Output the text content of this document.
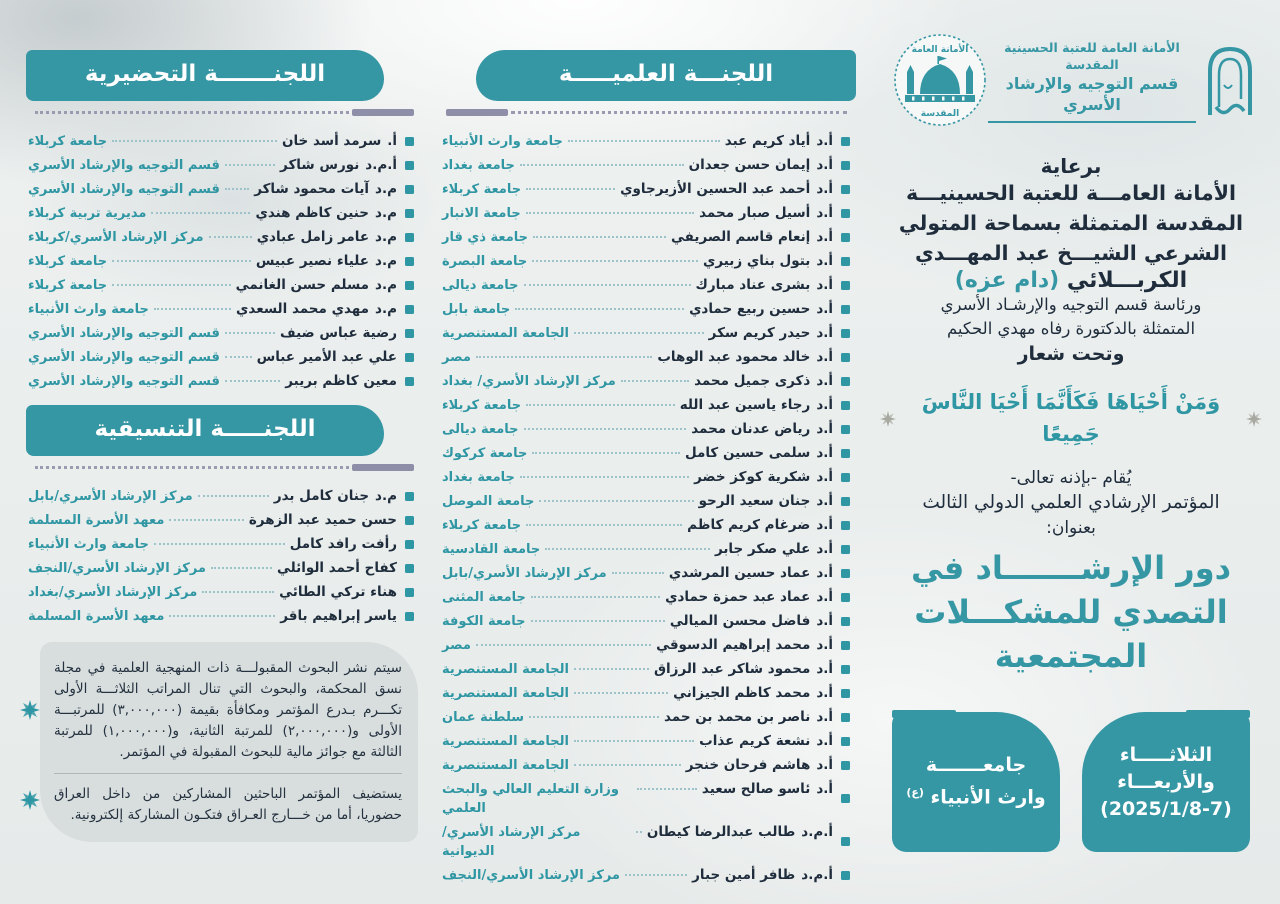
الأمانة العامة للعتبة الحسينية المقدسة
قسم التوجيه والإرشاد الأسري
الأمانة العامة
المقدسة
برعاية
الأمانة العامـــة للعتبة الحسينيـــة
المقدسة المتمثلة بسماحة المتولي
الشرعي الشيـــخ عبد المهـــدي
الكربـــلائي (دام عزه)
ورئاسة قسم التوجيه والإرشـاد الأسري
المتمثلة بالدكتورة رفاه مهدي الحكيم
وتحت شعار
وَمَنْ أَحْيَاهَا فَكَأَنَّمَا أَحْيَا النَّاسَ جَمِيعًا
يُقام -بإذنه تعالى-
المؤتمر الإرشادي العلمي الدولي الثالث
بعنوان:
دور الإرشـــــــاد في
التصدي للمشكـــلات
المجتمعية
الثلاثـــــاء
والأربعـــاء
(2025/1/8-7)
جامعـــــــة
وارث الأنبياء $^{(ع)}$
اللجنـــة العلميـــــة
أ.دأياد كريم عبد
جامعة وارث الأنبياء
أ.دإيمان حسن جعدان
جامعة بغداد
أ.دأحمد عبد الحسين الأزيرجاوي
جامعة كربلاء
أ.دأسيل صبار محمد
جامعة الانبار
أ.دإنعام قاسم الصريفي
جامعة ذي قار
أ.دبتول بناي زبيري
جامعة البصرة
أ.دبشرى عناد مبارك
جامعة ديالى
أ.دحسين ربيع حمادي
جامعة بابل
أ.دحيدر كريم سكر
الجامعة المستنصرية
أ.دخالد محمود عبد الوهاب
مصر
أ.دذكرى جميل محمد
مركز الإرشاد الأسري/ بغداد
أ.درجاء ياسين عبد الله
جامعة كربلاء
أ.درياض عدنان محمد
جامعة ديالى
أ.دسلمى حسين كامل
جامعة كركوك
أ.دشكرية كوكز خضر
جامعة بغداد
أ.دجنان سعيد الرحو
جامعة الموصل
أ.دضرغام كريم كاظم
جامعة كربلاء
أ.دعلي صكر جابر
جامعة القادسية
أ.دعماد حسين المرشدي
مركز الإرشاد الأسري/بابل
أ.دعماد عبد حمزة حمادي
جامعة المثنى
أ.دفاضل محسن الميالي
جامعة الكوفة
أ.دمحمد إبراهيم الدسوقي
مصر
أ.دمحمود شاكر عبد الرزاق
الجامعة المستنصرية
أ.دمحمد كاظم الجيزاني
الجامعة المستنصرية
أ.دناصر بن محمد بن حمد
سلطنة عمان
أ.دنشعة كريم عذاب
الجامعة المستنصرية
أ.دهاشم فرحان خنجر
الجامعة المستنصرية
أ.دئاسو صالح سعيد
وزارة التعليم العالي والبحث العلمي
أ.م.دطالب عبدالرضا كيطان
مركز الإرشاد الأسري/الديوانية
أ.م.دظافر أمين جبار
مركز الإرشاد الأسري/النجف
اللجنـــــــة التحضيرية
أ.سرمد أسد خان
جامعة كربلاء
أ.م.دنورس شاكر
قسم التوجيه والإرشاد الأسري
م.دآيات محمود شاكر
قسم التوجيه والإرشاد الأسري
م.دحنين كاظم هندي
مديرية تربية كربلاء
م.دعامر زامل عبادي
مركز الإرشاد الأسري/كربلاء
م.دعلياء نصير عبيس
جامعة كربلاء
م.دمسلم حسن الغانمي
جامعة كربلاء
م.دمهدي محمد السعدي
جامعة وارث الأنبياء
رضية عباس ضيف
قسم التوجيه والإرشاد الأسري
علي عبد الأمير عباس
قسم التوجيه والإرشاد الأسري
معين كاظم بريبر
قسم التوجيه والإرشاد الأسري
اللجنـــــة التنسيقية
م.دجنان كامل بدر
مركز الإرشاد الأسري/بابل
حسن حميد عبد الزهرة
معهد الأسرة المسلمة
رأفت رافد كامل
جامعة وارث الأنبياء
كفاح أحمد الوائلي
مركز الإرشاد الأسري/النجف
هناء تركي الطائي
مركز الإرشاد الأسري/بغداد
ياسر إبراهيم باقر
معهد الأسرة المسلمة
سيتم نشر البحوث المقبولـــة ذات المنهجية العلمية في مجلة نسق المحكمة، والبحوث التي تنال المراتب الثلاثـــة الأولى تكـــرم بـدرع المؤتمر ومكافأة بقيمة (٣,٠٠٠,٠٠٠) للمرتبـــة الأولى و(٢,٠٠٠,٠٠٠) للمرتبة الثانية، و(١,٠٠٠,٠٠٠) للمرتبة الثالثة مع جوائز مالية للبحوث المقبولة في المؤتمر.
يستضيف المؤتمر الباحثين المشاركين من داخل العراق حضوريا، أما من خـــارج العـراق فتكـون المشاركة إلكترونية.
